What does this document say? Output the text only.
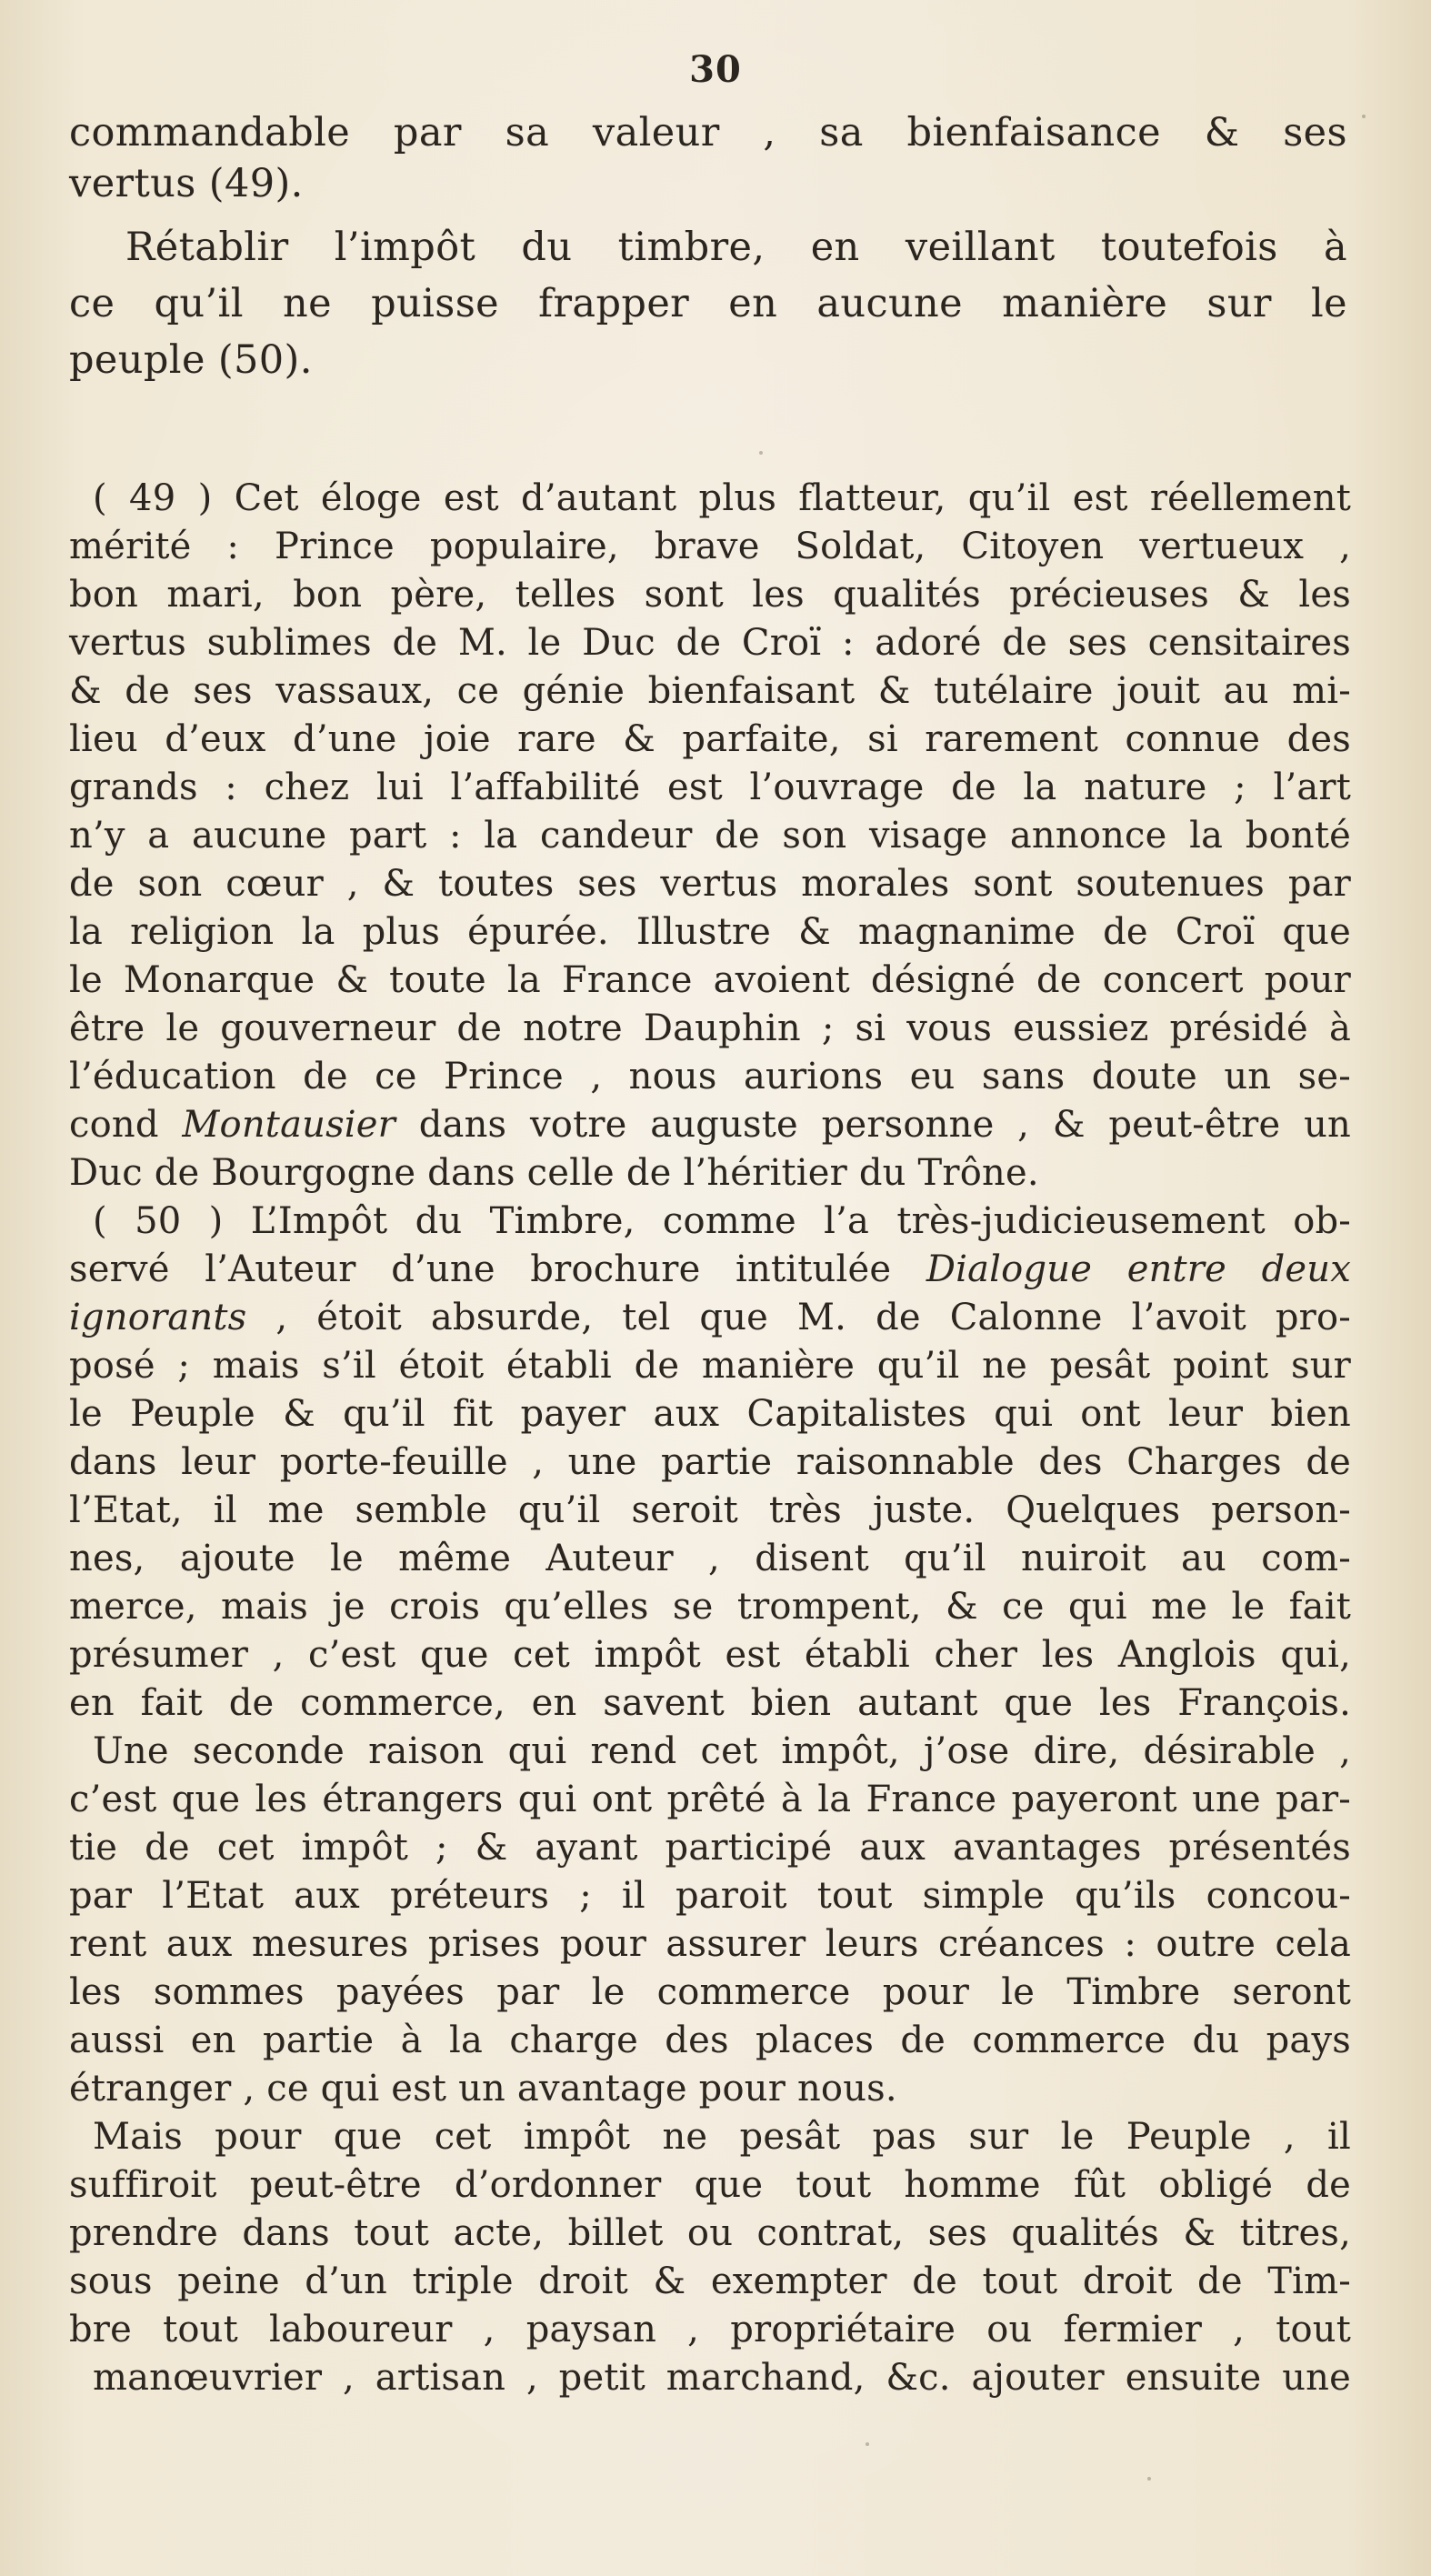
30
commandable par sa valeur , sa bienfaisance & ses
vertus (49).
Rétablir l’impôt du timbre, en veillant toutefois à
ce qu’il ne puisse frapper en aucune manière sur le
peuple (50).
( 49 ) Cet éloge est d’autant plus flatteur, qu’il est réellement
mérité : Prince populaire, brave Soldat, Citoyen vertueux ,
bon mari, bon père, telles sont les qualités précieuses & les
vertus sublimes de M. le Duc de Croï : adoré de ses censitaires
& de ses vassaux, ce génie bienfaisant & tutélaire jouit au mi-
lieu d’eux d’une joie rare & parfaite, si rarement connue des
grands : chez lui l’affabilité est l’ouvrage de la nature ; l’art
n’y a aucune part : la candeur de son visage annonce la bonté
de son cœur , & toutes ses vertus morales sont soutenues par
la religion la plus épurée. Illustre & magnanime de Croï que
le Monarque & toute la France avoient désigné de concert pour
être le gouverneur de notre Dauphin ; si vous eussiez présidé à
l’éducation de ce Prince , nous aurions eu sans doute un se-
cond Montausier dans votre auguste personne , & peut-être un
Duc de Bourgogne dans celle de l’héritier du Trône.
( 50 ) L’Impôt du Timbre, comme l’a très-judicieusement ob-
servé l’Auteur d’une brochure intitulée Dialogue entre deux
ignorants , étoit absurde, tel que M. de Calonne l’avoit pro-
posé ; mais s’il étoit établi de manière qu’il ne pesât point sur
le Peuple & qu’il fit payer aux Capitalistes qui ont leur bien
dans leur porte-feuille , une partie raisonnable des Charges de
l’Etat, il me semble qu’il seroit très juste. Quelques person-
nes, ajoute le même Auteur , disent qu’il nuiroit au com-
merce, mais je crois qu’elles se trompent, & ce qui me le fait
présumer , c’est que cet impôt est établi cher les Anglois qui,
en fait de commerce, en savent bien autant que les François.
Une seconde raison qui rend cet impôt, j’ose dire, désirable ,
c’est que les étrangers qui ont prêté à la France payeront une par-
tie de cet impôt ; & ayant participé aux avantages présentés
par l’Etat aux préteurs ; il paroit tout simple qu’ils concou-
rent aux mesures prises pour assurer leurs créances : outre cela
les sommes payées par le commerce pour le Timbre seront
aussi en partie à la charge des places de commerce du pays
étranger , ce qui est un avantage pour nous.
Mais pour que cet impôt ne pesât pas sur le Peuple , il
suffiroit peut-être d’ordonner que tout homme fût obligé de
prendre dans tout acte, billet ou contrat, ses qualités & titres,
sous peine d’un triple droit & exempter de tout droit de Tim-
bre tout laboureur , paysan , propriétaire ou fermier , tout
manœuvrier , artisan , petit marchand, &c. ajouter ensuite une
